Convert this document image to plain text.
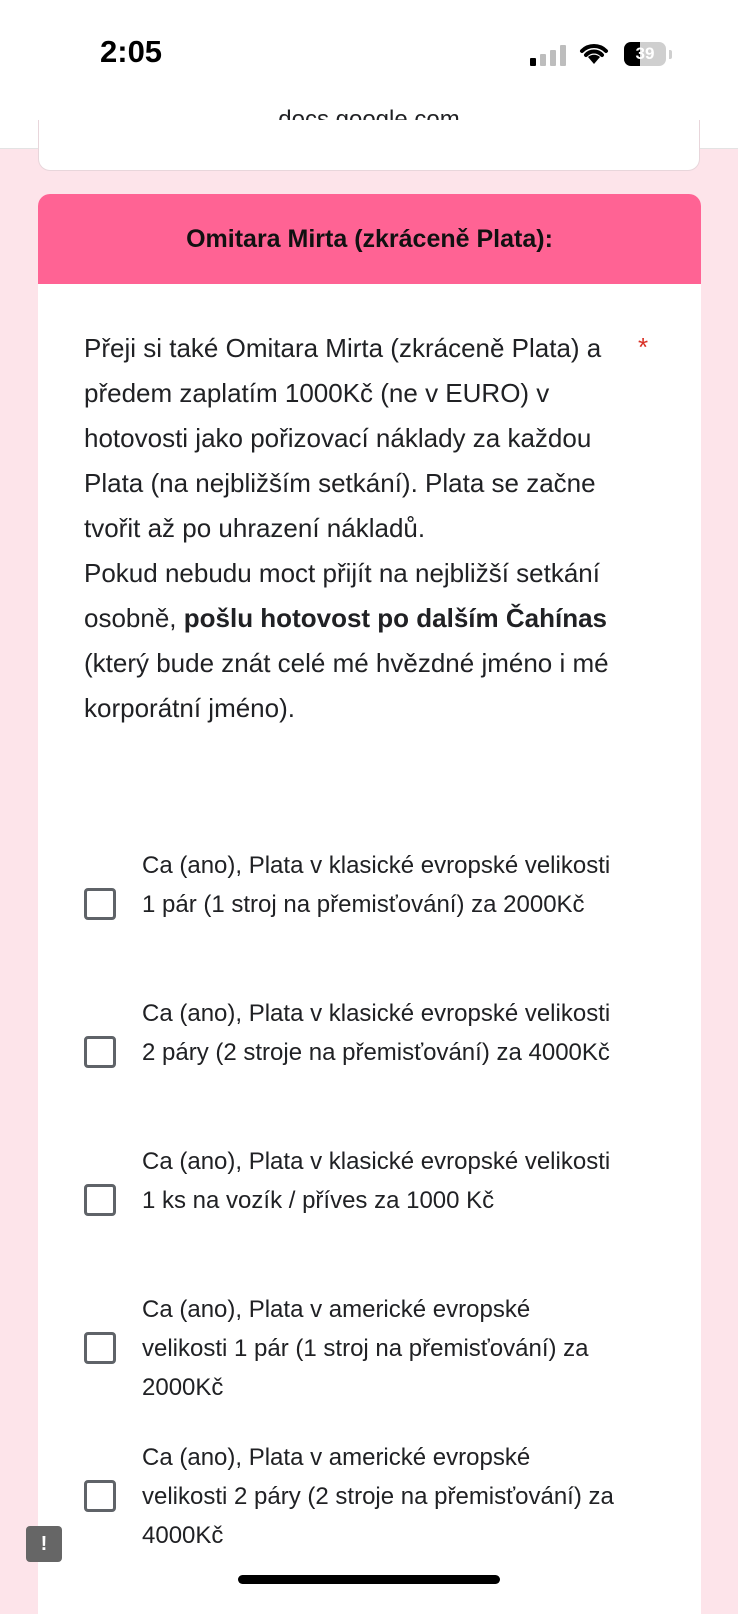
2:05	39
Omitara Mirta (zkráceně Plata):
Přeji si také Omitara Mirta (zkráceně Plata) a předem zaplatím 1000Kč (ne v EURO) v hotovosti jako pořizovací náklady za každou Plata (na nejbližším setkání). Plata se začne tvořit až po uhrazení nákladů.
Pokud nebudu moct přijít na nejbližší setkání osobně, pošlu hotovost po dalším Čahínas (který bude znát celé mé hvězdné jméno i mé korporátní jméno).
*
Ca (ano), Plata v klasické evropské velikosti 1 pár (1 stroj na přemisťování) za 2000Kč
Ca (ano), Plata v klasické evropské velikosti 2 páry (2 stroje na přemisťování) za 4000Kč
Ca (ano), Plata v klasické evropské velikosti 1 ks na vozík / příves za 1000 Kč
Ca (ano), Plata v americké evropské velikosti 1 pár (1 stroj na přemisťování) za 2000Kč
Ca (ano), Plata v americké evropské velikosti 2 páry (2 stroje na přemisťování) za 4000Kč
!
